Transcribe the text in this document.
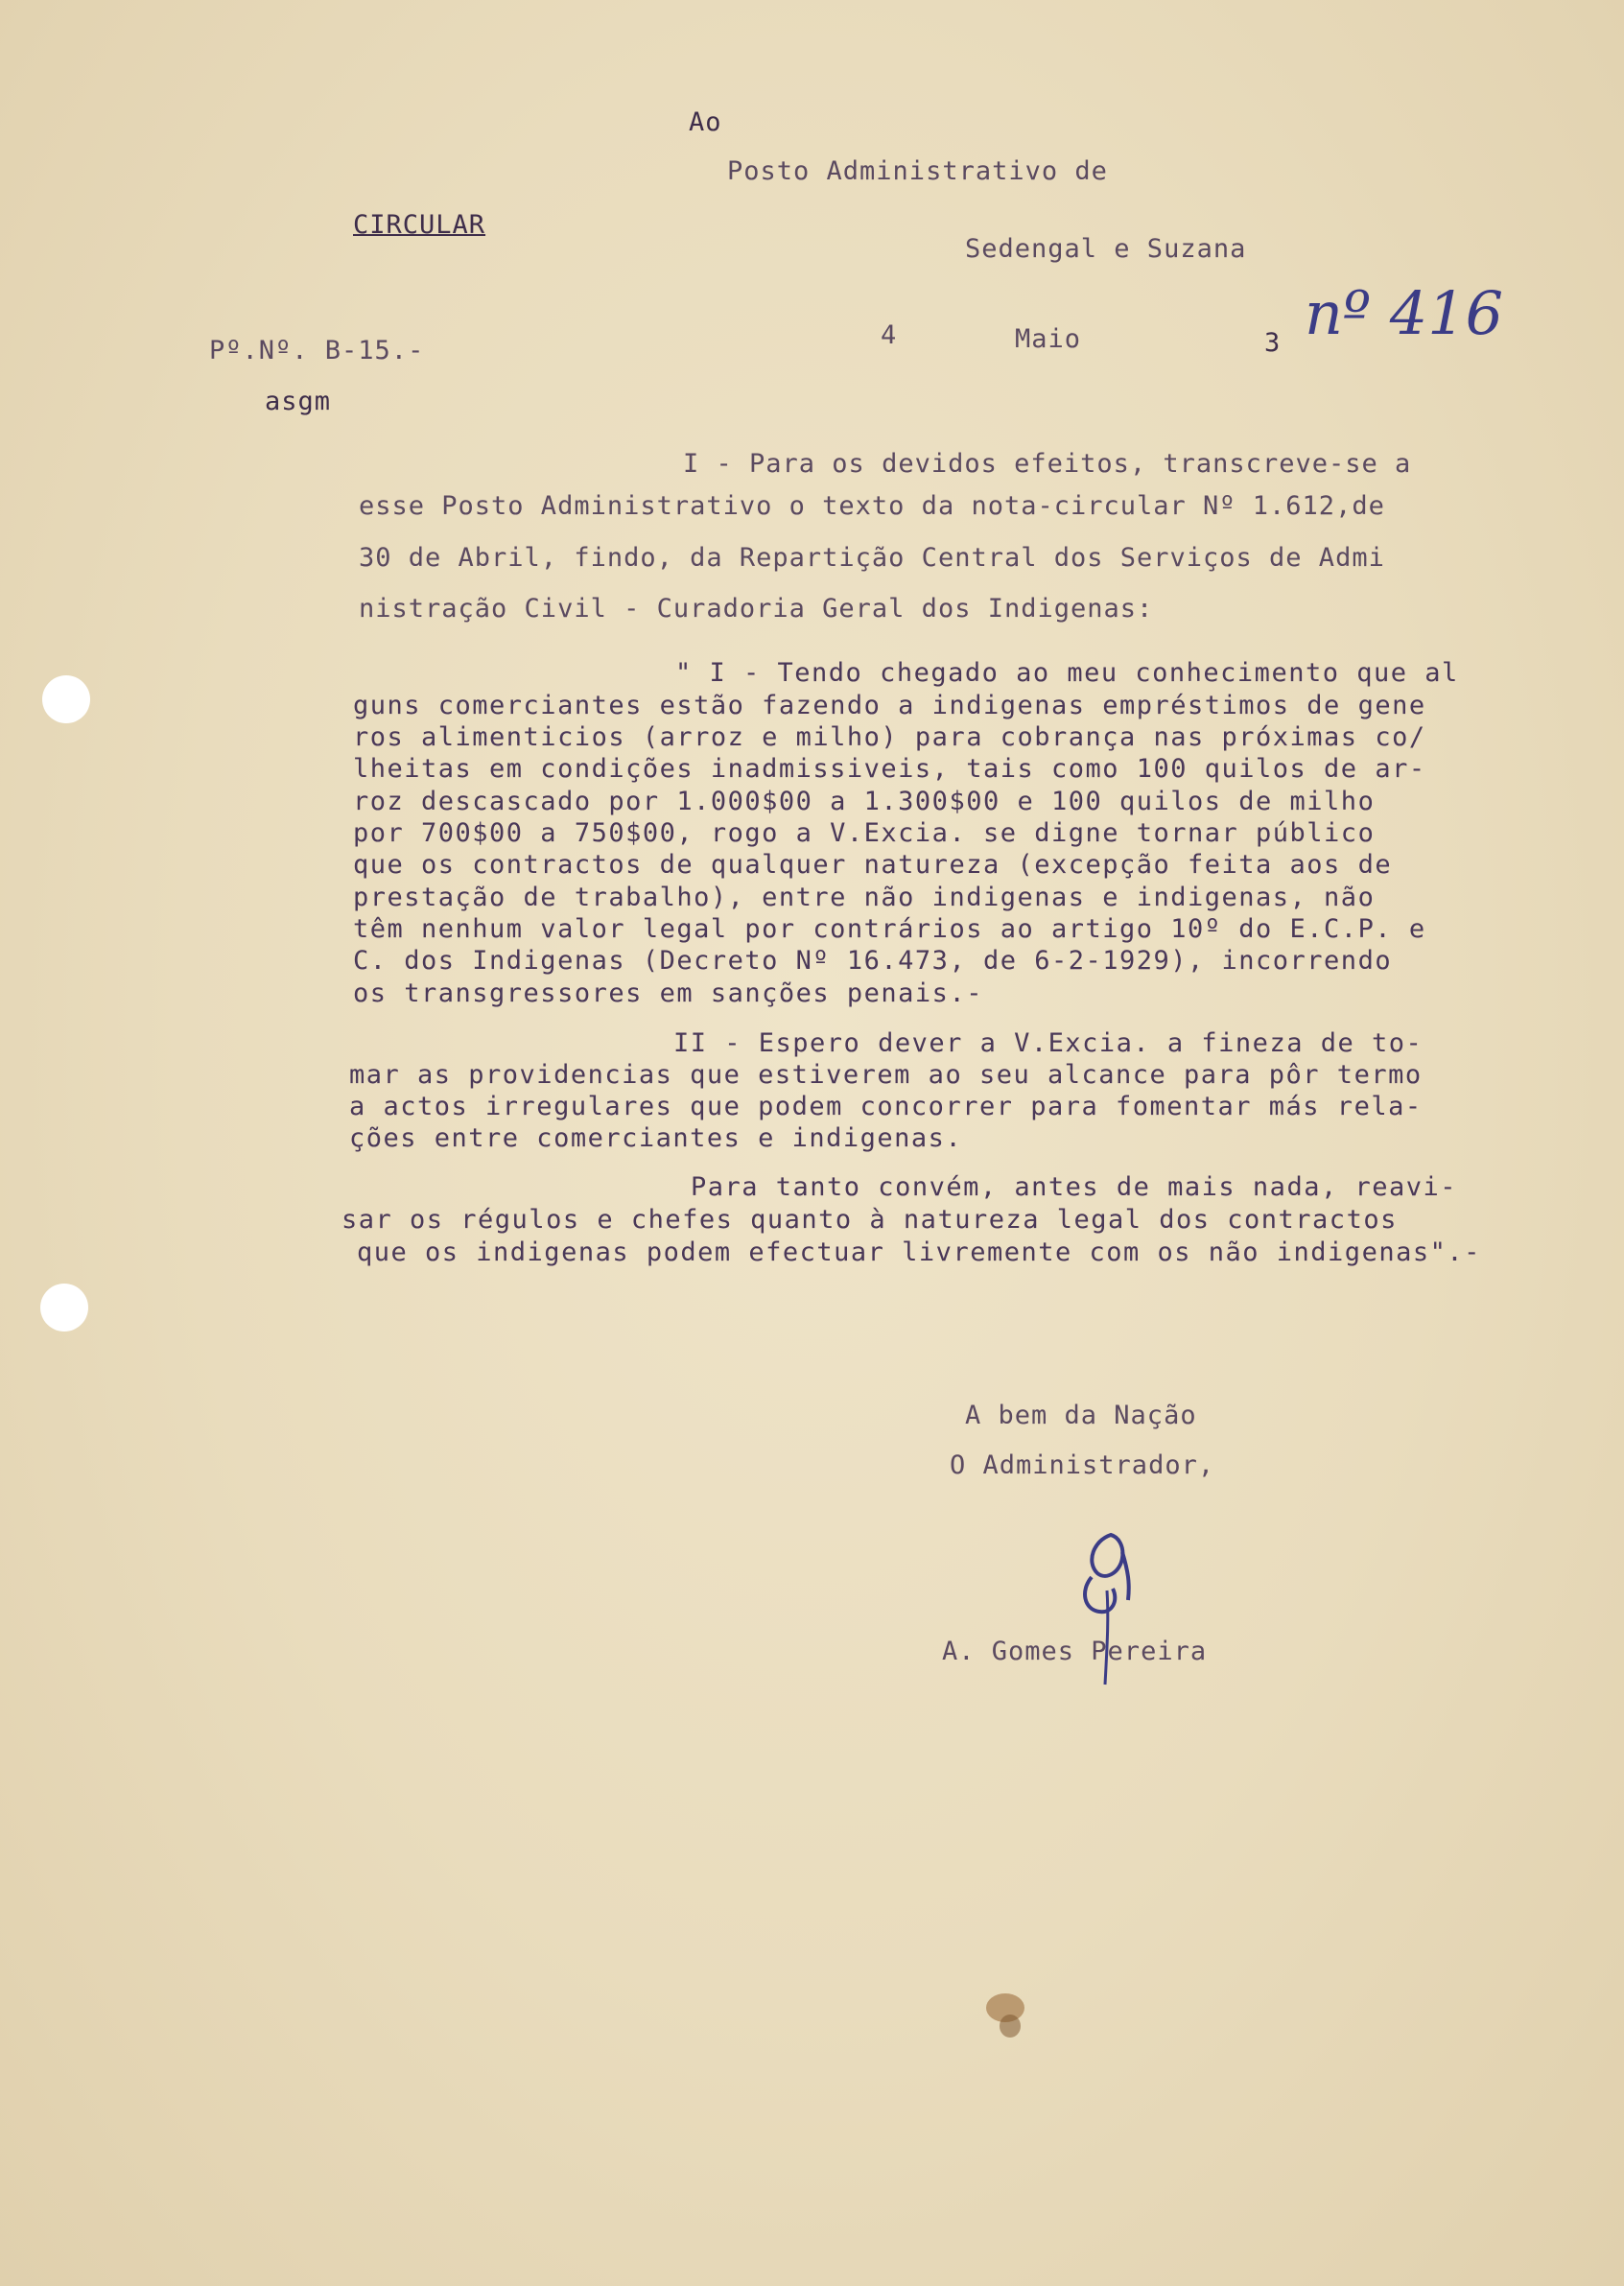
Ao
Posto Administrativo de
CIRCULAR
Sedengal e Suzana
Pº.Nº. B-15.-
asgm
4	Maio	3 nº 416
I - Para os devidos efeitos, transcreve-se a
esse Posto Administrativo o texto da nota-circular Nº 1.612,de
30 de Abril, findo, da Repartição Central dos Serviços de Admi
nistração Civil - Curadoria Geral dos Indigenas:
" I - Tendo chegado ao meu conhecimento que al
guns comerciantes estão fazendo a indigenas empréstimos de gene
ros alimenticios (arroz e milho) para cobrança nas próximas co/
lheitas em condições inadmissiveis, tais como 100 quilos de ar-
roz descascado por 1.000$00 a 1.300$00 e 100 quilos de milho
por 700$00 a 750$00, rogo a V.Excia. se digne tornar público
que os contractos de qualquer natureza (excepção feita aos de
prestação de trabalho), entre não indigenas e indigenas, não
têm nenhum valor legal por contrários ao artigo 10º do E.C.P. e
C. dos Indigenas (Decreto Nº 16.473, de 6-2-1929), incorrendo
os transgressores em sanções penais.-
II - Espero dever a V.Excia. a fineza de to-
mar as providencias que estiverem ao seu alcance para pôr termo
a actos irregulares que podem concorrer para fomentar más rela-
ções entre comerciantes e indigenas.
Para tanto convém, antes de mais nada, reavi-
sar os régulos e chefes quanto à natureza legal dos contractos
que os indigenas podem efectuar livremente com os não indigenas".-
A bem da Nação
O Administrador,
A. Gomes Pereira
